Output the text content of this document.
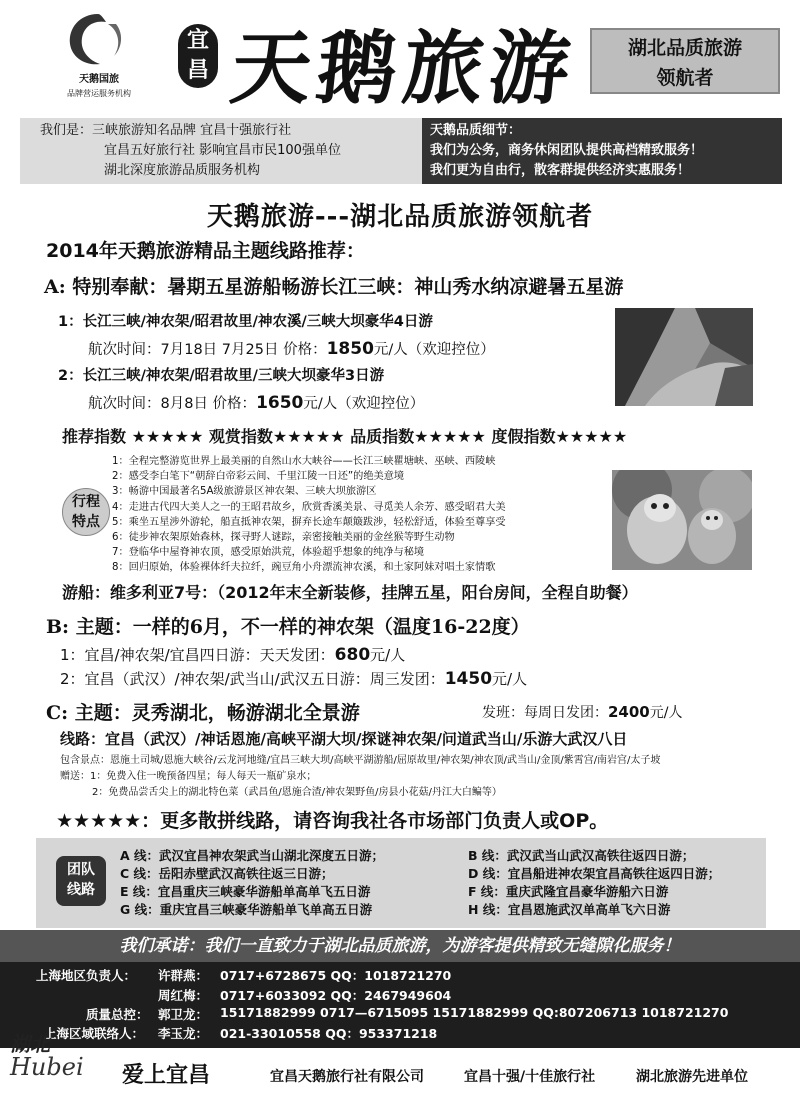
CSIT
天鹅国旅
品牌营运服务机构
宜昌 天鹅旅游	湖北品质旅游
领航者
我们是：三峡旅游知名品牌 宜昌十强旅行社
宜昌五好旅行社 影响宜昌市民100强单位
湖北深度旅游品质服务机构
天鹅品质细节：
我们为公务，商务休闲团队提供高档精致服务！
我们更为自由行，散客群提供经济实惠服务！
天鹅旅游---湖北品质旅游领航者
2014年天鹅旅游精品主题线路推荐：
A: 特别奉献：暑期五星游船畅游长江三峡：神山秀水纳凉避暑五星游
1：长江三峡/神农架/昭君故里/神农溪/三峡大坝豪华4日游
航次时间：7月18日 7月25日 价格：1850元/人（欢迎控位）
2：长江三峡/神农架/昭君故里/三峡大坝豪华3日游
航次时间：8月8日 价格：1650元/人（欢迎控位）
推荐指数 ★★★★★ 观赏指数★★★★★ 品质指数★★★★★ 度假指数★★★★★
行程
特点
1：全程完整游览世界上最美丽的自然山水大峡谷——长江三峡瞿塘峡、巫峡、西陵峡
2：感受李白笔下“朝辞白帝彩云间、千里江陵一日还”的绝美意境
3：畅游中国最著名5A级旅游景区神农架、三峡大坝旅游区
4：走进古代四大美人之一的王昭君故乡，欣赏香溪美景、寻觅美人余芳、感受昭君大美
5：乘坐五星涉外游轮，船直抵神农架，摒弃长途车颠簸跋涉，轻松舒适，体验至尊享受
6：徒步神农架原始森林，探寻野人谜踪，亲密接触美丽的金丝猴等野生动物
7：登临华中屋脊神农顶，感受原始洪荒，体验超乎想象的纯净与秘境
8：回归原始，体验裸体纤夫拉纤，豌豆角小舟漂流神农溪，和土家阿妹对唱土家情歌
游船：维多利亚7号：（2012年末全新装修，挂牌五星，阳台房间，全程自助餐）
B: 主题：一样的6月，不一样的神农架（温度16-22度）
1：宜昌/神农架/宜昌四日游：天天发团：680元/人
2：宜昌（武汉）/神农架/武当山/武汉五日游：周三发团：1450元/人
C: 主题：灵秀湖北，畅游湖北全景游	发班：每周日发团：2400元/人
线路：宜昌（武汉）/神话恩施/高峡平湖大坝/探谜神农架/问道武当山/乐游大武汉八日
包含景点：恩施土司城/恩施大峡谷/云龙河地缝/宜昌三峡大坝/高峡平湖游船/屈原故里/神农架/神农顶/武当山/金顶/紫霄宫/南岩宫/太子坡
赠送：1：免费入住一晚预备四星；每人每天一瓶矿泉水；
2：免费品尝舌尖上的湖北特色菜（武昌鱼/恩施合渣/神农架野鱼/房县小花菇/丹江大白鳊等）
★★★★★：更多散拼线路，请咨询我社各市场部门负责人或OP。
团队
线路
A 线：武汉宜昌神农架武当山湖北深度五日游；
C 线：岳阳赤壁武汉高铁往返三日游；
E 线：宜昌重庆三峡豪华游船单高单飞五日游
G 线：重庆宜昌三峡豪华游船单飞单高五日游
B 线：武汉武当山武汉高铁往返四日游；
D 线：宜昌船进神农架宜昌高铁往返四日游；
F 线：重庆武隆宜昌豪华游船六日游
H 线：宜昌恩施武汉单高单飞六日游
我们承诺：我们一直致力于湖北品质旅游，为游客提供精致无缝隙化服务！
上海地区负责人： 许群燕： 0717+6728675 QQ：1018721270
周红梅： 0717+6033092 QQ：2467949604
质量总控： 郭卫龙： 15171882999 0717—6715095 15171882999 QQ:807206713 1018721270
上海区域联络人： 李玉龙： 021-33010558 QQ：953371218
宜昌天鹅旅行社有限公司	宜昌十强/十佳旅行社	湖北旅游先进单位
湖北
Hubei	爱上宜昌
